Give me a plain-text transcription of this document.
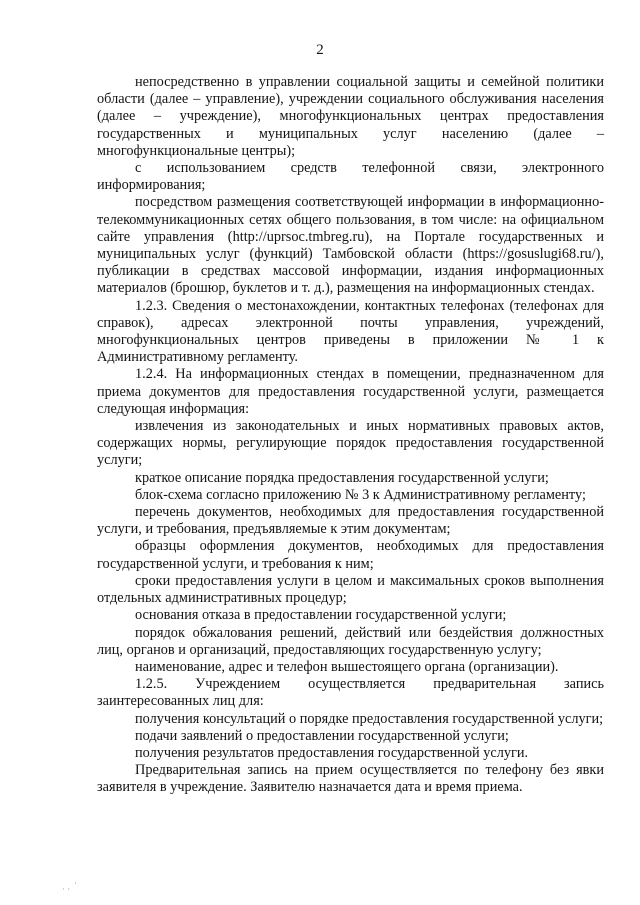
2

непосредственно в управлении социальной защиты и семейной политики области (далее – управление), учреждении социального обслуживания населения (далее – учреждение), многофункциональных центрах предоставления государственных и муниципальных услуг населению (далее – многофункциональные центры);

с использованием средств телефонной связи, электронного информирования;

посредством размещения соответствующей информации в информационно-телекоммуникационных сетях общего пользования, в том числе: на официальном сайте управления (http://uprsoc.tmbreg.ru), на Портале государственных и муниципальных услуг (функций) Тамбовской области (https://gosuslugi68.ru/), публикации в средствах массовой информации, издания информационных материалов (брошюр, буклетов и т. д.), размещения на информационных стендах.

1.2.3. Сведения о местонахождении, контактных телефонах (телефонах для справок), адресах электронной почты управления, учреждений, многофункциональных центров приведены в приложении № 1 к Административному регламенту.

1.2.4. На информационных стендах в помещении, предназначенном для приема документов для предоставления государственной услуги, размещается следующая информация:

извлечения из законодательных и иных нормативных правовых актов, содержащих нормы, регулирующие порядок предоставления государственной услуги;

краткое описание порядка предоставления государственной услуги;

блок-схема согласно приложению № 3 к Административному регламенту;

перечень документов, необходимых для предоставления государственной услуги, и требования, предъявляемые к этим документам;

образцы оформления документов, необходимых для предоставления государственной услуги, и требования к ним;

сроки предоставления услуги в целом и максимальных сроков выполнения отдельных административных процедур;

основания отказа в предоставлении государственной услуги;

порядок обжалования решений, действий или бездействия должностных лиц, органов и организаций, предоставляющих государственную услугу;

наименование, адрес и телефон вышестоящего органа (организации).

1.2.5. Учреждением осуществляется предварительная запись заинтересованных лиц для:

получения консультаций о порядке предоставления государственной услуги;

подачи заявлений о предоставлении государственной услуги;

получения результатов предоставления государственной услуги.

Предварительная запись на прием осуществляется по телефону без явки заявителя в учреждение. Заявителю назначается дата и время приема.

· ·
·
